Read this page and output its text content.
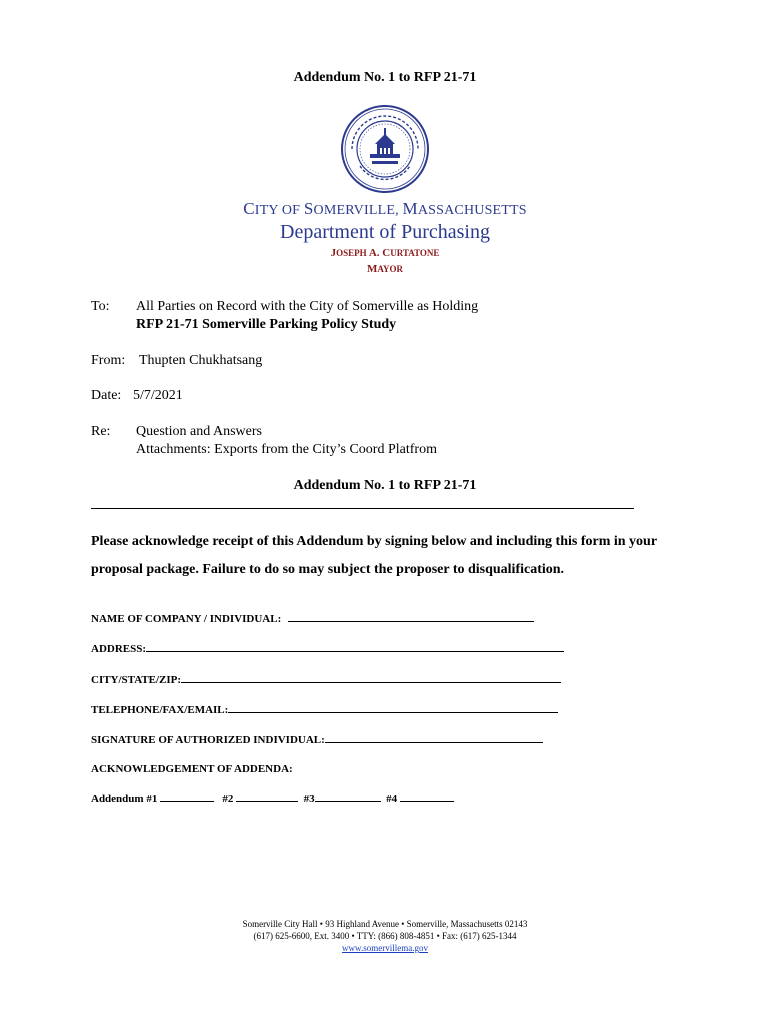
Addendum No. 1 to RFP 21-71
CITY OF SOMERVILLE, MASSACHUSETTS
Department of Purchasing
JOSEPH A. CURTATONE
MAYOR
To: All Parties on Record with the City of Somerville as Holding
RFP 21-71 Somerville Parking Policy Study
From: Thupten Chukhatsang
Date: 5/7/2021
Re: Question and Answers
Attachments: Exports from the City’s Coord Platfrom
Addendum No. 1 to RFP 21-71
Please acknowledge receipt of this Addendum by signing below and including this form in your proposal package. Failure to do so may subject the proposer to disqualification.
NAME OF COMPANY / INDIVIDUAL:
ADDRESS:
CITY/STATE/ZIP:
TELEPHONE/FAX/EMAIL:
SIGNATURE OF AUTHORIZED INDIVIDUAL:
ACKNOWLEDGEMENT OF ADDENDA:
Addendum #1	#2	#3	#4
Somerville City Hall • 93 Highland Avenue • Somerville, Massachusetts 02143
(617) 625-6600, Ext. 3400 • TTY: (866) 808-4851 • Fax: (617) 625-1344
www.somervillema.gov
